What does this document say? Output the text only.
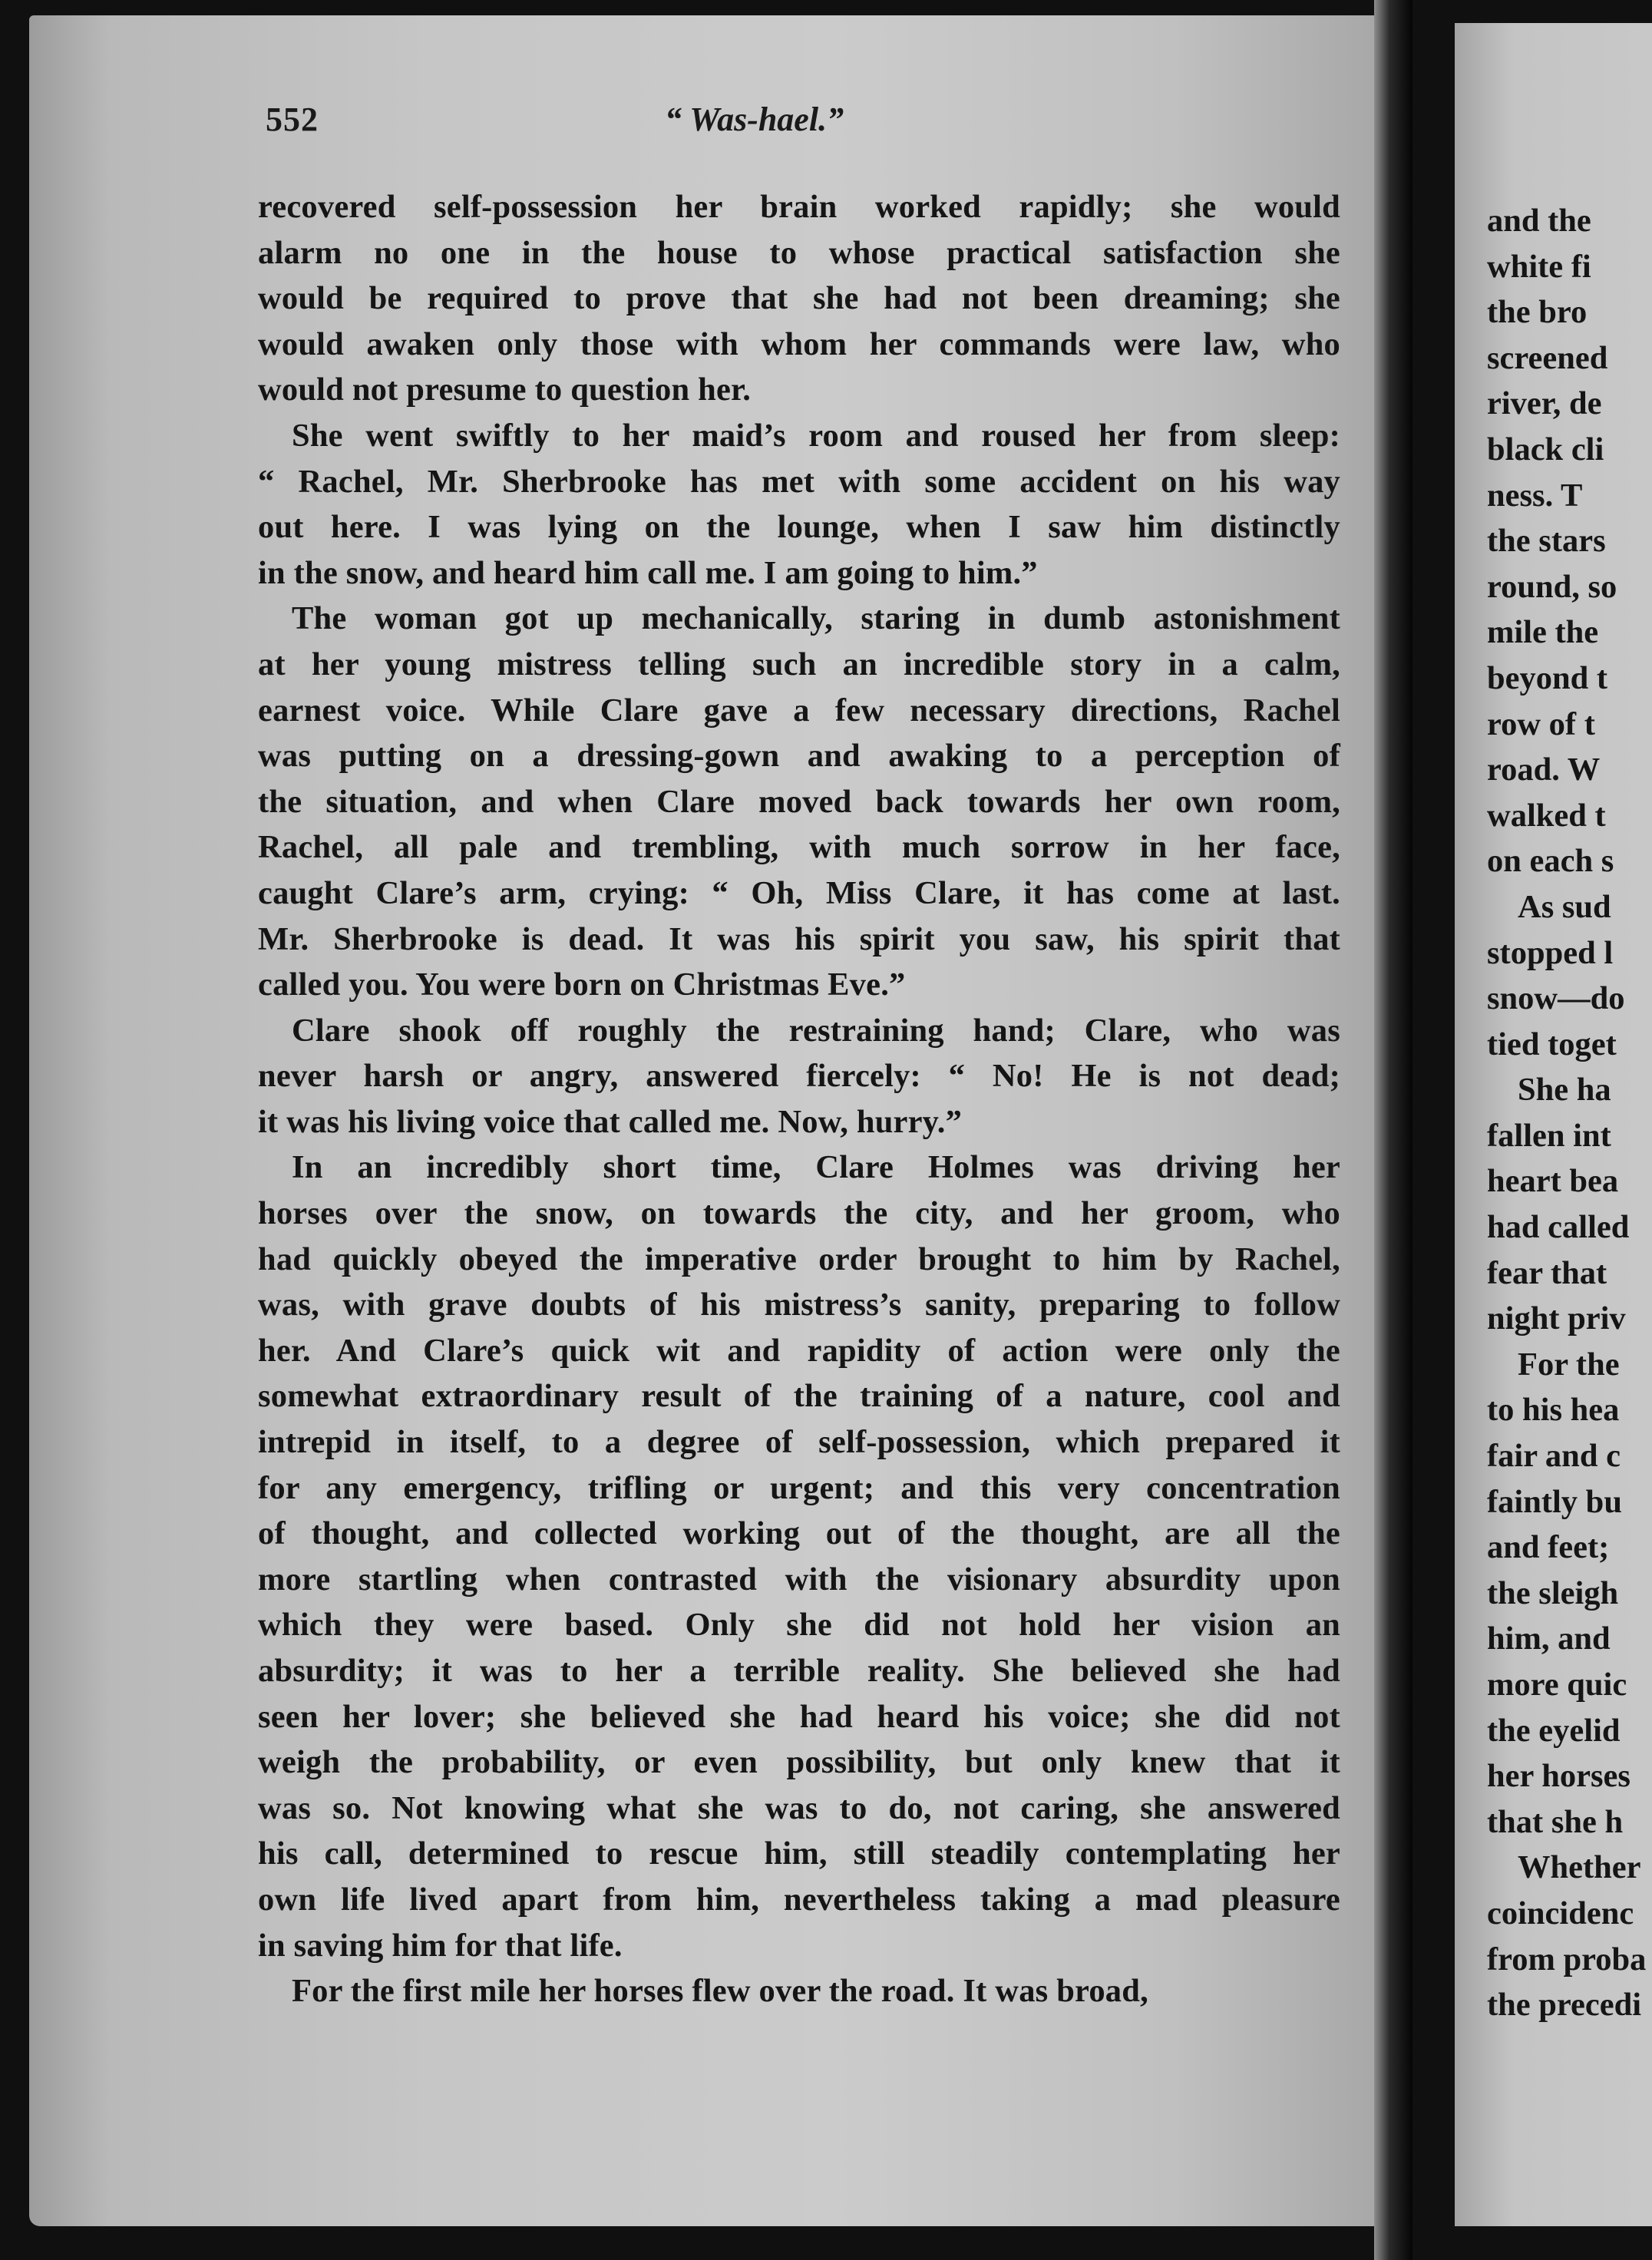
and the
white fi
the bro
screened
river, de
black cli
ness. T
the stars
round, so
mile the
beyond t
row of t
road. W
walked t
on each s
As sud
stopped l
snow—do
tied toget
She ha
fallen int
heart bea
had called
fear that
night priv
For the
to his hea
fair and c
faintly bu
and feet;
the sleigh
him, and
more quic
the eyelid
her horses
that she h
Whether
coincidenc
from proba
the precedi
552	“ Was-hael.”
recovered self-possession her brain worked rapidly; she would
alarm no one in the house to whose practical satisfaction she
would be required to prove that she had not been dreaming; she
would awaken only those with whom her commands were law, who
would not presume to question her.
She went swiftly to her maid’s room and roused her from sleep:
“ Rachel, Mr. Sherbrooke has met with some accident on his way
out here. I was lying on the lounge, when I saw him distinctly
in the snow, and heard him call me. I am going to him.”
The woman got up mechanically, staring in dumb astonishment
at her young mistress telling such an incredible story in a calm,
earnest voice. While Clare gave a few necessary directions, Rachel
was putting on a dressing-gown and awaking to a perception of
the situation, and when Clare moved back towards her own room,
Rachel, all pale and trembling, with much sorrow in her face,
caught Clare’s arm, crying: “ Oh, Miss Clare, it has come at last.
Mr. Sherbrooke is dead. It was his spirit you saw, his spirit that
called you. You were born on Christmas Eve.”
Clare shook off roughly the restraining hand; Clare, who was
never harsh or angry, answered fiercely: “ No! He is not dead;
it was his living voice that called me. Now, hurry.”
In an incredibly short time, Clare Holmes was driving her
horses over the snow, on towards the city, and her groom, who
had quickly obeyed the imperative order brought to him by Rachel,
was, with grave doubts of his mistress’s sanity, preparing to follow
her. And Clare’s quick wit and rapidity of action were only the
somewhat extraordinary result of the training of a nature, cool and
intrepid in itself, to a degree of self-possession, which prepared it
for any emergency, trifling or urgent; and this very concentration
of thought, and collected working out of the thought, are all the
more startling when contrasted with the visionary absurdity upon
which they were based. Only she did not hold her vision an
absurdity; it was to her a terrible reality. She believed she had
seen her lover; she believed she had heard his voice; she did not
weigh the probability, or even possibility, but only knew that it
was so. Not knowing what she was to do, not caring, she answered
his call, determined to rescue him, still steadily contemplating her
own life lived apart from him, nevertheless taking a mad pleasure
in saving him for that life.
For the first mile her horses flew over the road. It was broad,
